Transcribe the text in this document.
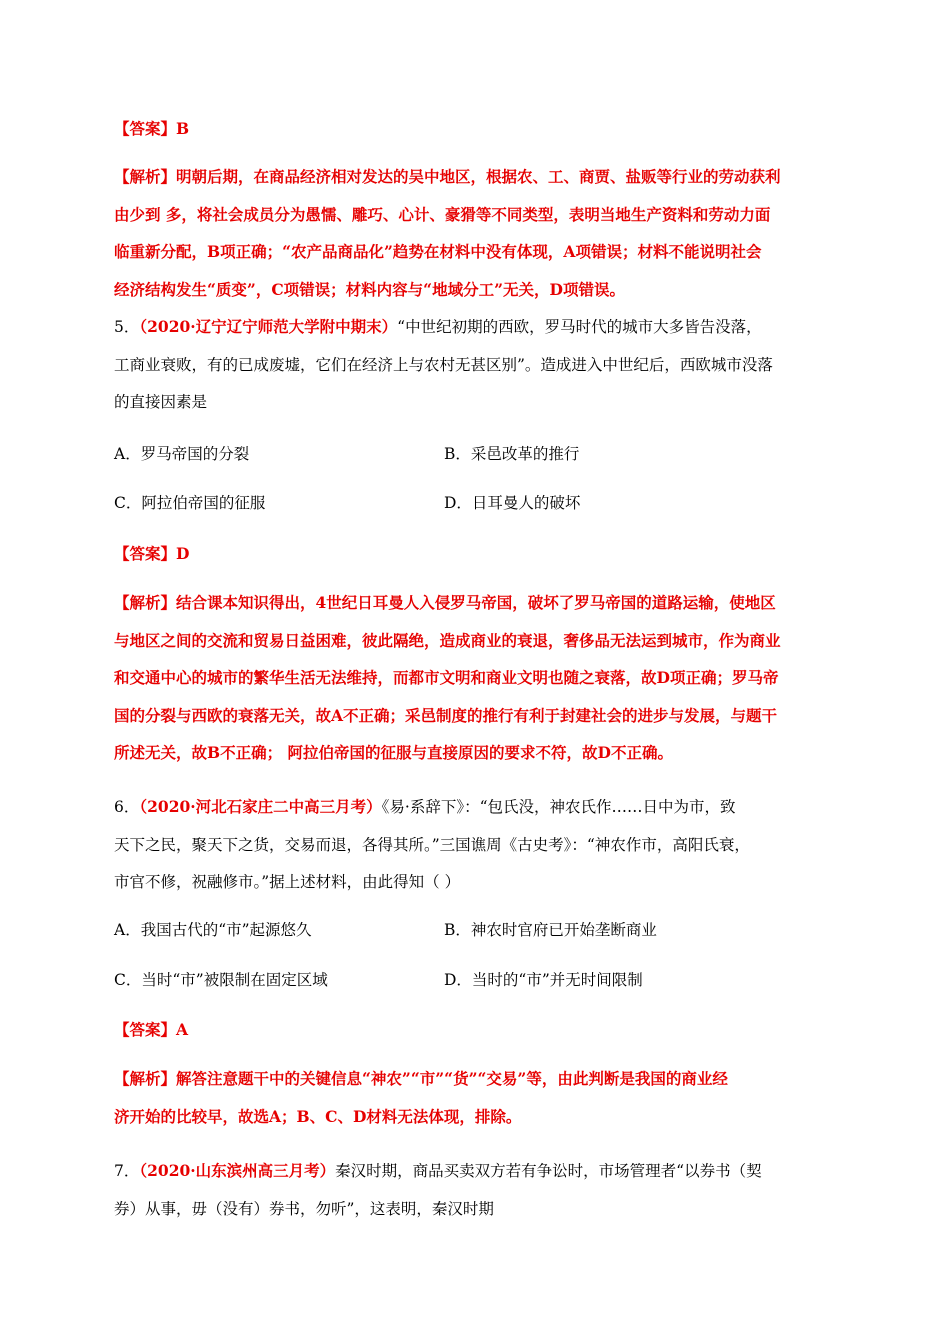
【答案】B

【解析】明朝后期，在商品经济相对发达的吴中地区，根据农、工、商贾、盐贩等行业的劳动获利

由少到 多，将社会成员分为愚懦、雕巧、心计、豪猾等不同类型，表明当地生产资料和劳动力面

临重新分配，B项正确；“农产品商品化”趋势在材料中没有体现，A项错误；材料不能说明社会

经济结构发生“质变”，C项错误；材料内容与“地域分工”无关，D项错误。

5．（2020·辽宁辽宁师范大学附中期末）“中世纪初期的西欧，罗马时代的城市大多皆告没落，

工商业衰败，有的已成废墟，它们在经济上与农村无甚区别”。造成进入中世纪后，西欧城市没落

的直接因素是

A．罗马帝国的分裂	B．采邑改革的推行
C．阿拉伯帝国的征服	D．日耳曼人的破坏
【答案】D

【解析】结合课本知识得出，4世纪日耳曼人入侵罗马帝国，破坏了罗马帝国的道路运输，使地区

与地区之间的交流和贸易日益困难，彼此隔绝，造成商业的衰退，奢侈品无法运到城市，作为商业

和交通中心的城市的繁华生活无法维持，而都市文明和商业文明也随之衰落，故D项正确；罗马帝

国的分裂与西欧的衰落无关，故A不正确；采邑制度的推行有利于封建社会的进步与发展，与题干

所述无关，故B不正确； 阿拉伯帝国的征服与直接原因的要求不符，故D不正确。

6．（2020·河北石家庄二中高三月考）《易·系辞下》：“包氏没，神农氏作……日中为市，致

天下之民，聚天下之货，交易而退，各得其所。”三国谯周《古史考》：“神农作市，高阳氏衰，

市官不修，祝融修市。”据上述材料，由此得知（ ）

A．我国古代的“市”起源悠久	B．神农时官府已开始垄断商业
C．当时“市”被限制在固定区域	D．当时的“市”并无时间限制
【答案】A

【解析】解答注意题干中的关键信息“神农”“市”“货”“交易”等，由此判断是我国的商业经

济开始的比较早，故选A；B、C、D材料无法体现，排除。

7．（2020·山东滨州高三月考）秦汉时期，商品买卖双方若有争讼时，市场管理者“以券书（契

券）从事，毋（没有）券书，勿听”，这表明，秦汉时期
